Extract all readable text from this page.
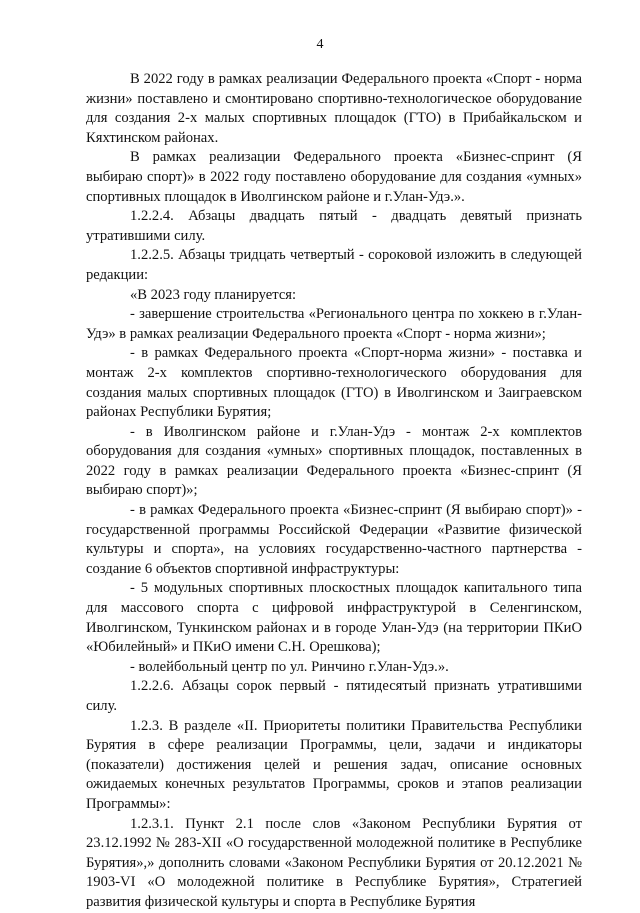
4

В 2022 году в рамках реализации Федерального проекта «Спорт - норма жизни» поставлено и смонтировано спортивно-технологическое оборудование для создания 2-х малых спортивных площадок (ГТО) в Прибайкальском и Кяхтинском районах.

В рамках реализации Федерального проекта «Бизнес-спринт (Я выбираю спорт)» в 2022 году поставлено оборудование для создания «умных» спортивных площадок в Иволгинском районе и г.Улан-Удэ.».

1.2.2.4. Абзацы двадцать пятый - двадцать девятый признать утратившими силу.

1.2.2.5. Абзацы тридцать четвертый - сороковой изложить в следующей редакции:

«В 2023 году планируется:

- завершение строительства «Регионального центра по хоккею в г.Улан-Удэ» в рамках реализации Федерального проекта «Спорт - норма жизни»;

- в рамках Федерального проекта «Спорт-норма жизни» - поставка и монтаж 2-х комплектов спортивно-технологического оборудования для создания малых спортивных площадок (ГТО) в Иволгинском и Заиграевском районах Республики Бурятия;

- в Иволгинском районе и г.Улан-Удэ - монтаж 2-х комплектов оборудования для создания «умных» спортивных площадок, поставленных в 2022 году в рамках реализации Федерального проекта «Бизнес-спринт (Я выбираю спорт)»;

- в рамках Федерального проекта «Бизнес-спринт (Я выбираю спорт)» - государственной программы Российской Федерации «Развитие физической культуры и спорта», на условиях государственно-частного партнерства - создание 6 объектов спортивной инфраструктуры:

- 5 модульных спортивных плоскостных площадок капитального типа для массового спорта с цифровой инфраструктурой в Селенгинском, Иволгинском, Тункинском районах и в городе Улан-Удэ (на территории ПКиО «Юбилейный» и ПКиО имени С.Н. Орешкова);

- волейбольный центр по ул. Ринчино г.Улан-Удэ.».

1.2.2.6. Абзацы сорок первый - пятидесятый признать утратившими силу.

1.2.3. В разделе «II. Приоритеты политики Правительства Республики Бурятия в сфере реализации Программы, цели, задачи и индикаторы (показатели) достижения целей и решения задач, описание основных ожидаемых конечных результатов Программы, сроков и этапов реализации Программы»:

1.2.3.1. Пункт 2.1 после слов «Законом Республики Бурятия от 23.12.1992 № 283-XII «О государственной молодежной политике в Республике Бурятия»,» дополнить словами «Законом Республики Бурятия от 20.12.2021 № 1903-VI «О молодежной политике в Республике Бурятия», Стратегией развития физической культуры и спорта в Республике Бурятия
